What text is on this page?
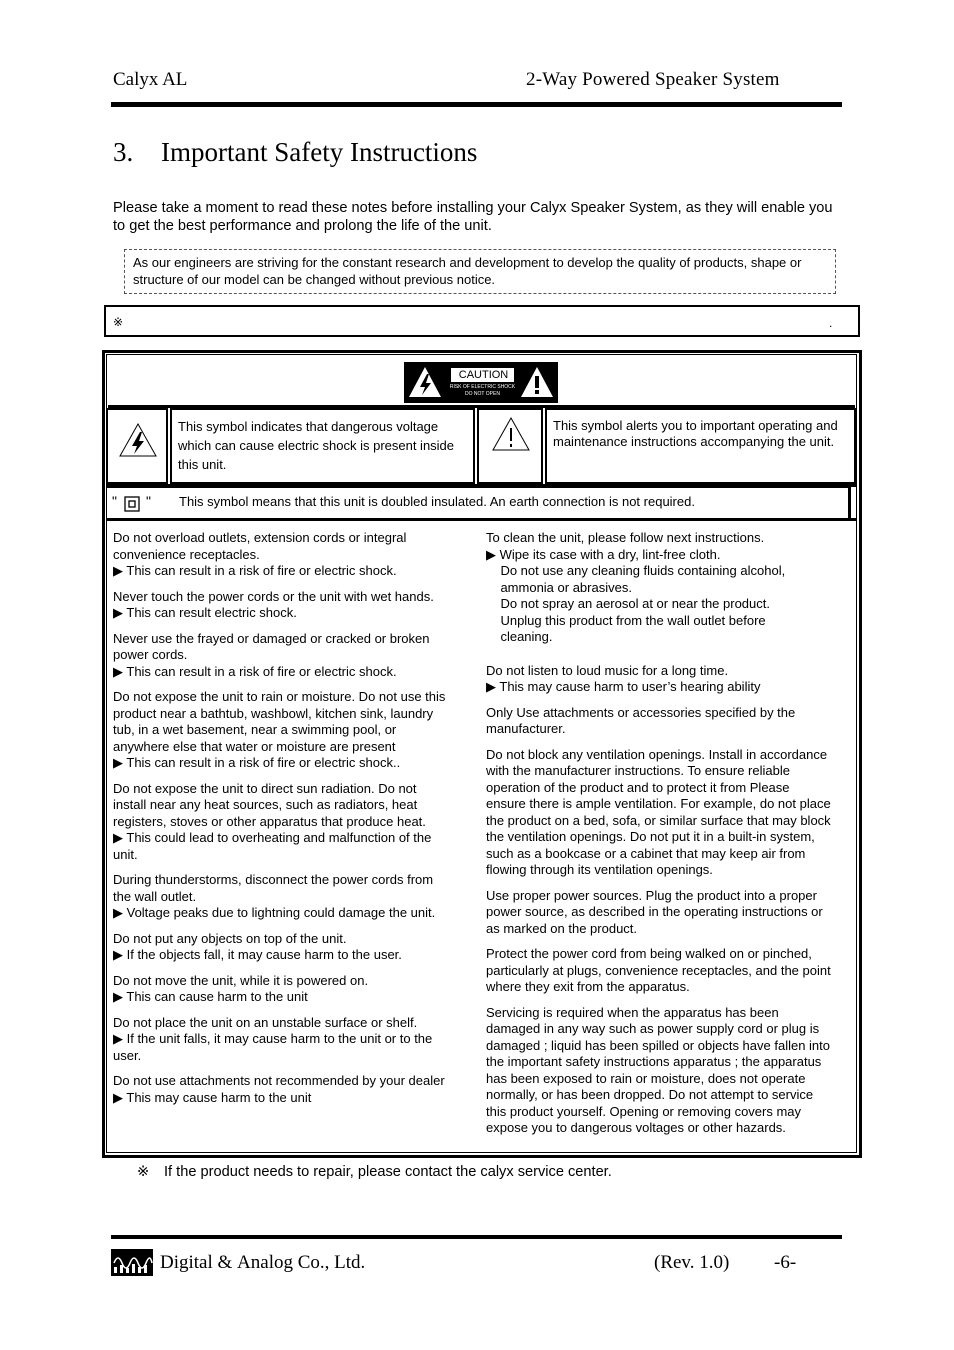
Calyx AL	2-Way Powered Speaker System
3. Important Safety Instructions
Please take a moment to read these notes before installing your Calyx Speaker System, as they will enable you to get the best performance and prolong the life of the unit.
As our engineers are striving for the constant research and development to develop the quality of products, shape or structure of our model can be changed without previous notice.
※	.
CAUTION
RISK OF ELECTRIC SHOCK
DO NOT OPEN
This symbol indicates that dangerous voltage which can cause electric shock is present inside this unit.
This symbol alerts you to important operating and maintenance instructions accompanying the unit.
" " This symbol means that this unit is doubled insulated. An earth connection is not required.
Do not overload outlets, extension cords or integral
convenience receptacles.
▶ This can result in a risk of fire or electric shock.
Never touch the power cords or the unit with wet hands.
▶ This can result electric shock.
Never use the frayed or damaged or cracked or broken
power cords.
▶ This can result in a risk of fire or electric shock.
Do not expose the unit to rain or moisture. Do not use this
product near a bathtub, washbowl, kitchen sink, laundry
tub, in a wet basement, near a swimming pool, or
anywhere else that water or moisture are present
▶ This can result in a risk of fire or electric shock..
Do not expose the unit to direct sun radiation. Do not
install near any heat sources, such as radiators, heat
registers, stoves or other apparatus that produce heat.
▶ This could lead to overheating and malfunction of the
unit.
During thunderstorms, disconnect the power cords from
the wall outlet.
▶ Voltage peaks due to lightning could damage the unit.
Do not put any objects on top of the unit.
▶ If the objects fall, it may cause harm to the user.
Do not move the unit, while it is powered on.
▶ This can cause harm to the unit
Do not place the unit on an unstable surface or shelf.
▶ If the unit falls, it may cause harm to the unit or to the
user.
Do not use attachments not recommended by your dealer
▶ This may cause harm to the unit
To clean the unit, please follow next instructions.
▶ Wipe its case with a dry, lint-free cloth.
Do not use any cleaning fluids containing alcohol,
ammonia or abrasives.
Do not spray an aerosol at or near the product.
Unplug this product from the wall outlet before
cleaning.
Do not listen to loud music for a long time.
▶ This may cause harm to user’s hearing ability
Only Use attachments or accessories specified by the
manufacturer.
Do not block any ventilation openings. Install in accordance
with the manufacturer instructions. To ensure reliable
operation of the product and to protect it from Please
ensure there is ample ventilation. For example, do not place
the product on a bed, sofa, or similar surface that may block
the ventilation openings. Do not put it in a built-in system,
such as a bookcase or a cabinet that may keep air from
flowing through its ventilation openings.
Use proper power sources. Plug the product into a proper
power source, as described in the operating instructions or
as marked on the product.
Protect the power cord from being walked on or pinched,
particularly at plugs, convenience receptacles, and the point
where they exit from the apparatus.
Servicing is required when the apparatus has been
damaged in any way such as power supply cord or plug is
damaged ; liquid has been spilled or objects have fallen into
the important safety instructions apparatus ; the apparatus
has been exposed to rain or moisture, does not operate
normally, or has been dropped. Do not attempt to service
this product yourself. Opening or removing covers may
expose you to dangerous voltages or other hazards.
※ If the product needs to repair, please contact the calyx service center.
Digital & Analog Co., Ltd.	(Rev. 1.0) -6-
